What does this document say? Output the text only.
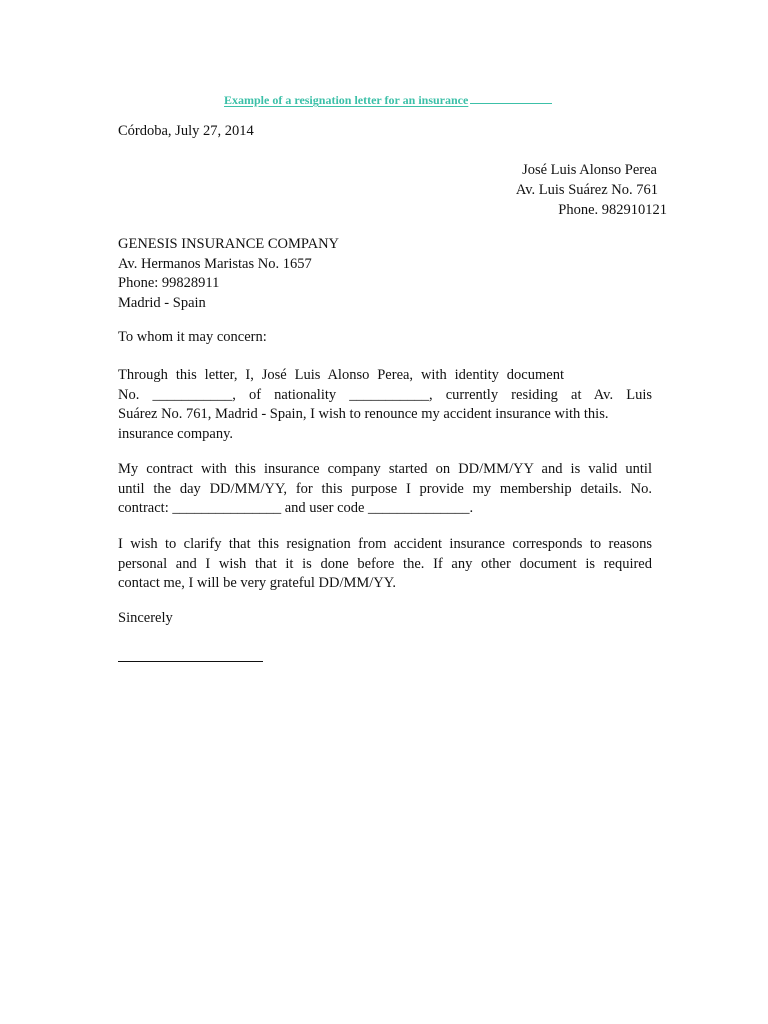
Example of a resignation letter for an insurance
Córdoba, July 27, 2014
José Luis Alonso Perea
Av. Luis Suárez No. 761
Phone. 982910121
GENESIS INSURANCE COMPANY
Av. Hermanos Maristas No. 1657
Phone: 99828911
Madrid - Spain
To whom it may concern:
Through this letter, I, José Luis Alonso Perea, with identity document
No. ___________, of nationality ___________, currently residing at Av. Luis
Suárez No. 761, Madrid - Spain, I wish to renounce my accident insurance with this.
insurance company.
My contract with this insurance company started on DD/MM/YY and is valid until
until the day DD/MM/YY, for this purpose I provide my membership details. No.
contract: _______________ and user code ______________.
I wish to clarify that this resignation from accident insurance corresponds to reasons
personal and I wish that it is done before the. If any other document is required
contact me, I will be very grateful DD/MM/YY.
Sincerely
